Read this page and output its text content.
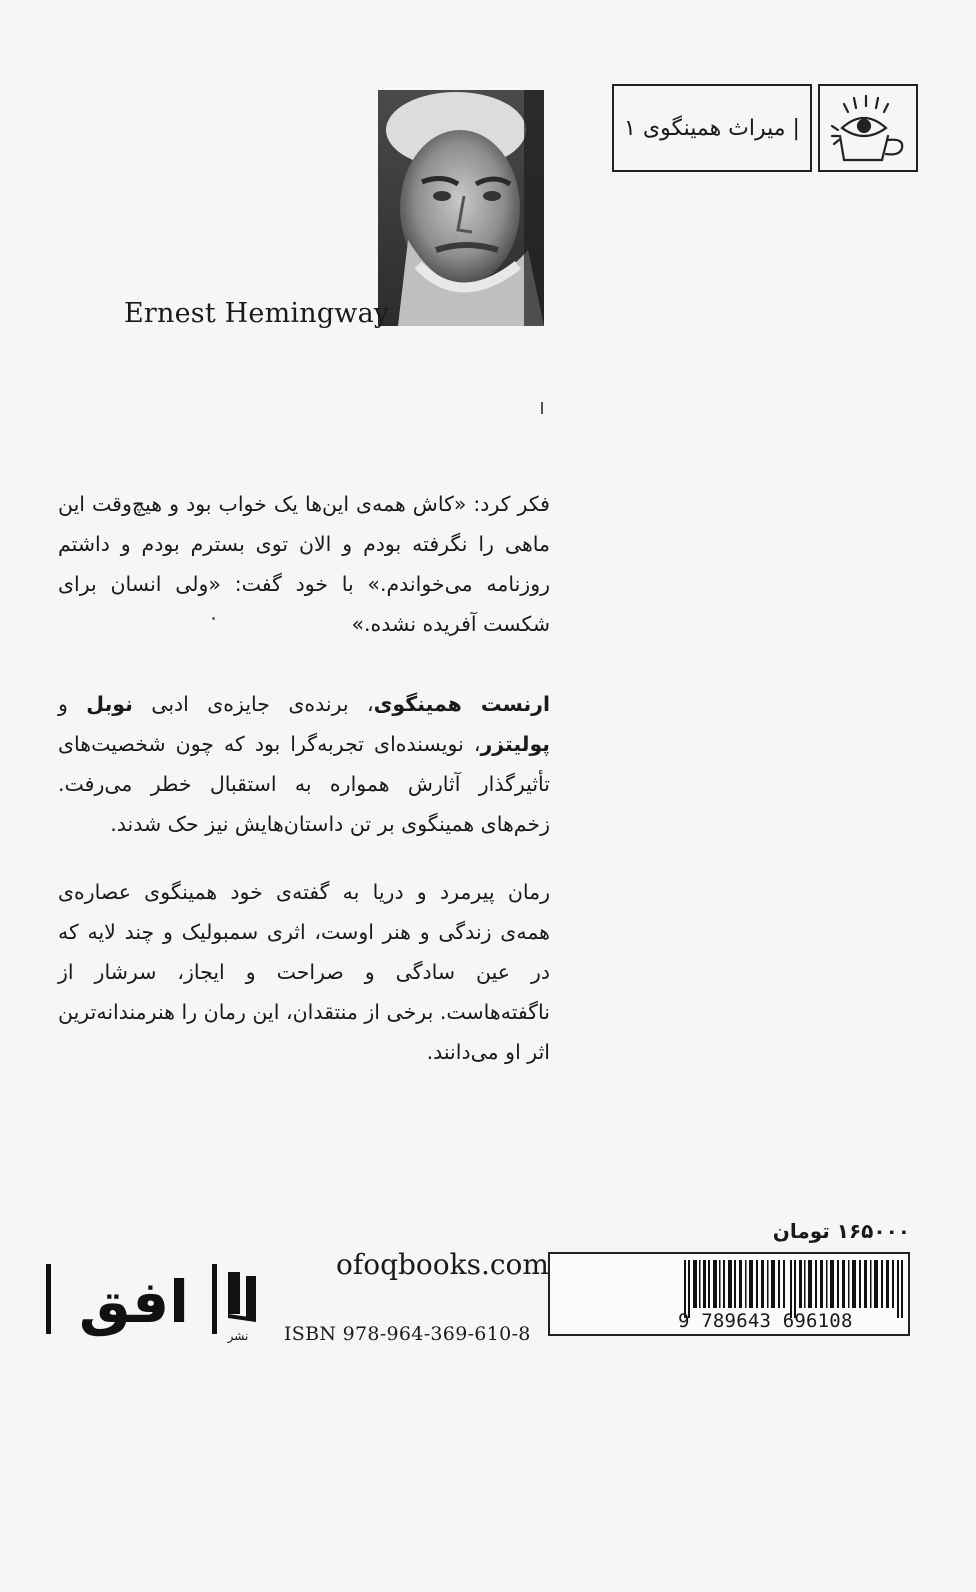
| میراث همینگوی ۱
Ernest Hemingway
فکر کرد: «کاش همه‌ی این‌ها یک خواب بود و هیچ‌وقت این ماهی را نگرفته بودم و الان توی بسترم بودم و داشتم روزنامه می‌خواندم.» با خود گفت: «ولی انسان برای شکست آفریده نشده.»
ارنست همینگوی، برنده‌ی جایزه‌ی ادبی نوبل و پولیتزر، نویسنده‌ای تجربه‌گرا بود که چون شخصیت‌های تأثیرگذار آثارش همواره به استقبال خطر می‌رفت. زخم‌های همینگوی بر تن داستان‌هایش نیز حک شدند.
رمان پیرمرد و دریا به گفته‌ی خود همینگوی عصاره‌ی همه‌ی زندگی و هنر اوست، اثری سمبولیک و چند لایه که در عین سادگی و صراحت و ایجاز، سرشار از ناگفته‌هاست. برخی از منتقدان، این رمان را هنرمندانه‌ترین اثر او می‌دانند.
۱۶۵۰۰۰ تومان
9 789643 696108
ofoqbooks.com
ISBN 978-964-369-610-8
افق	نشر
